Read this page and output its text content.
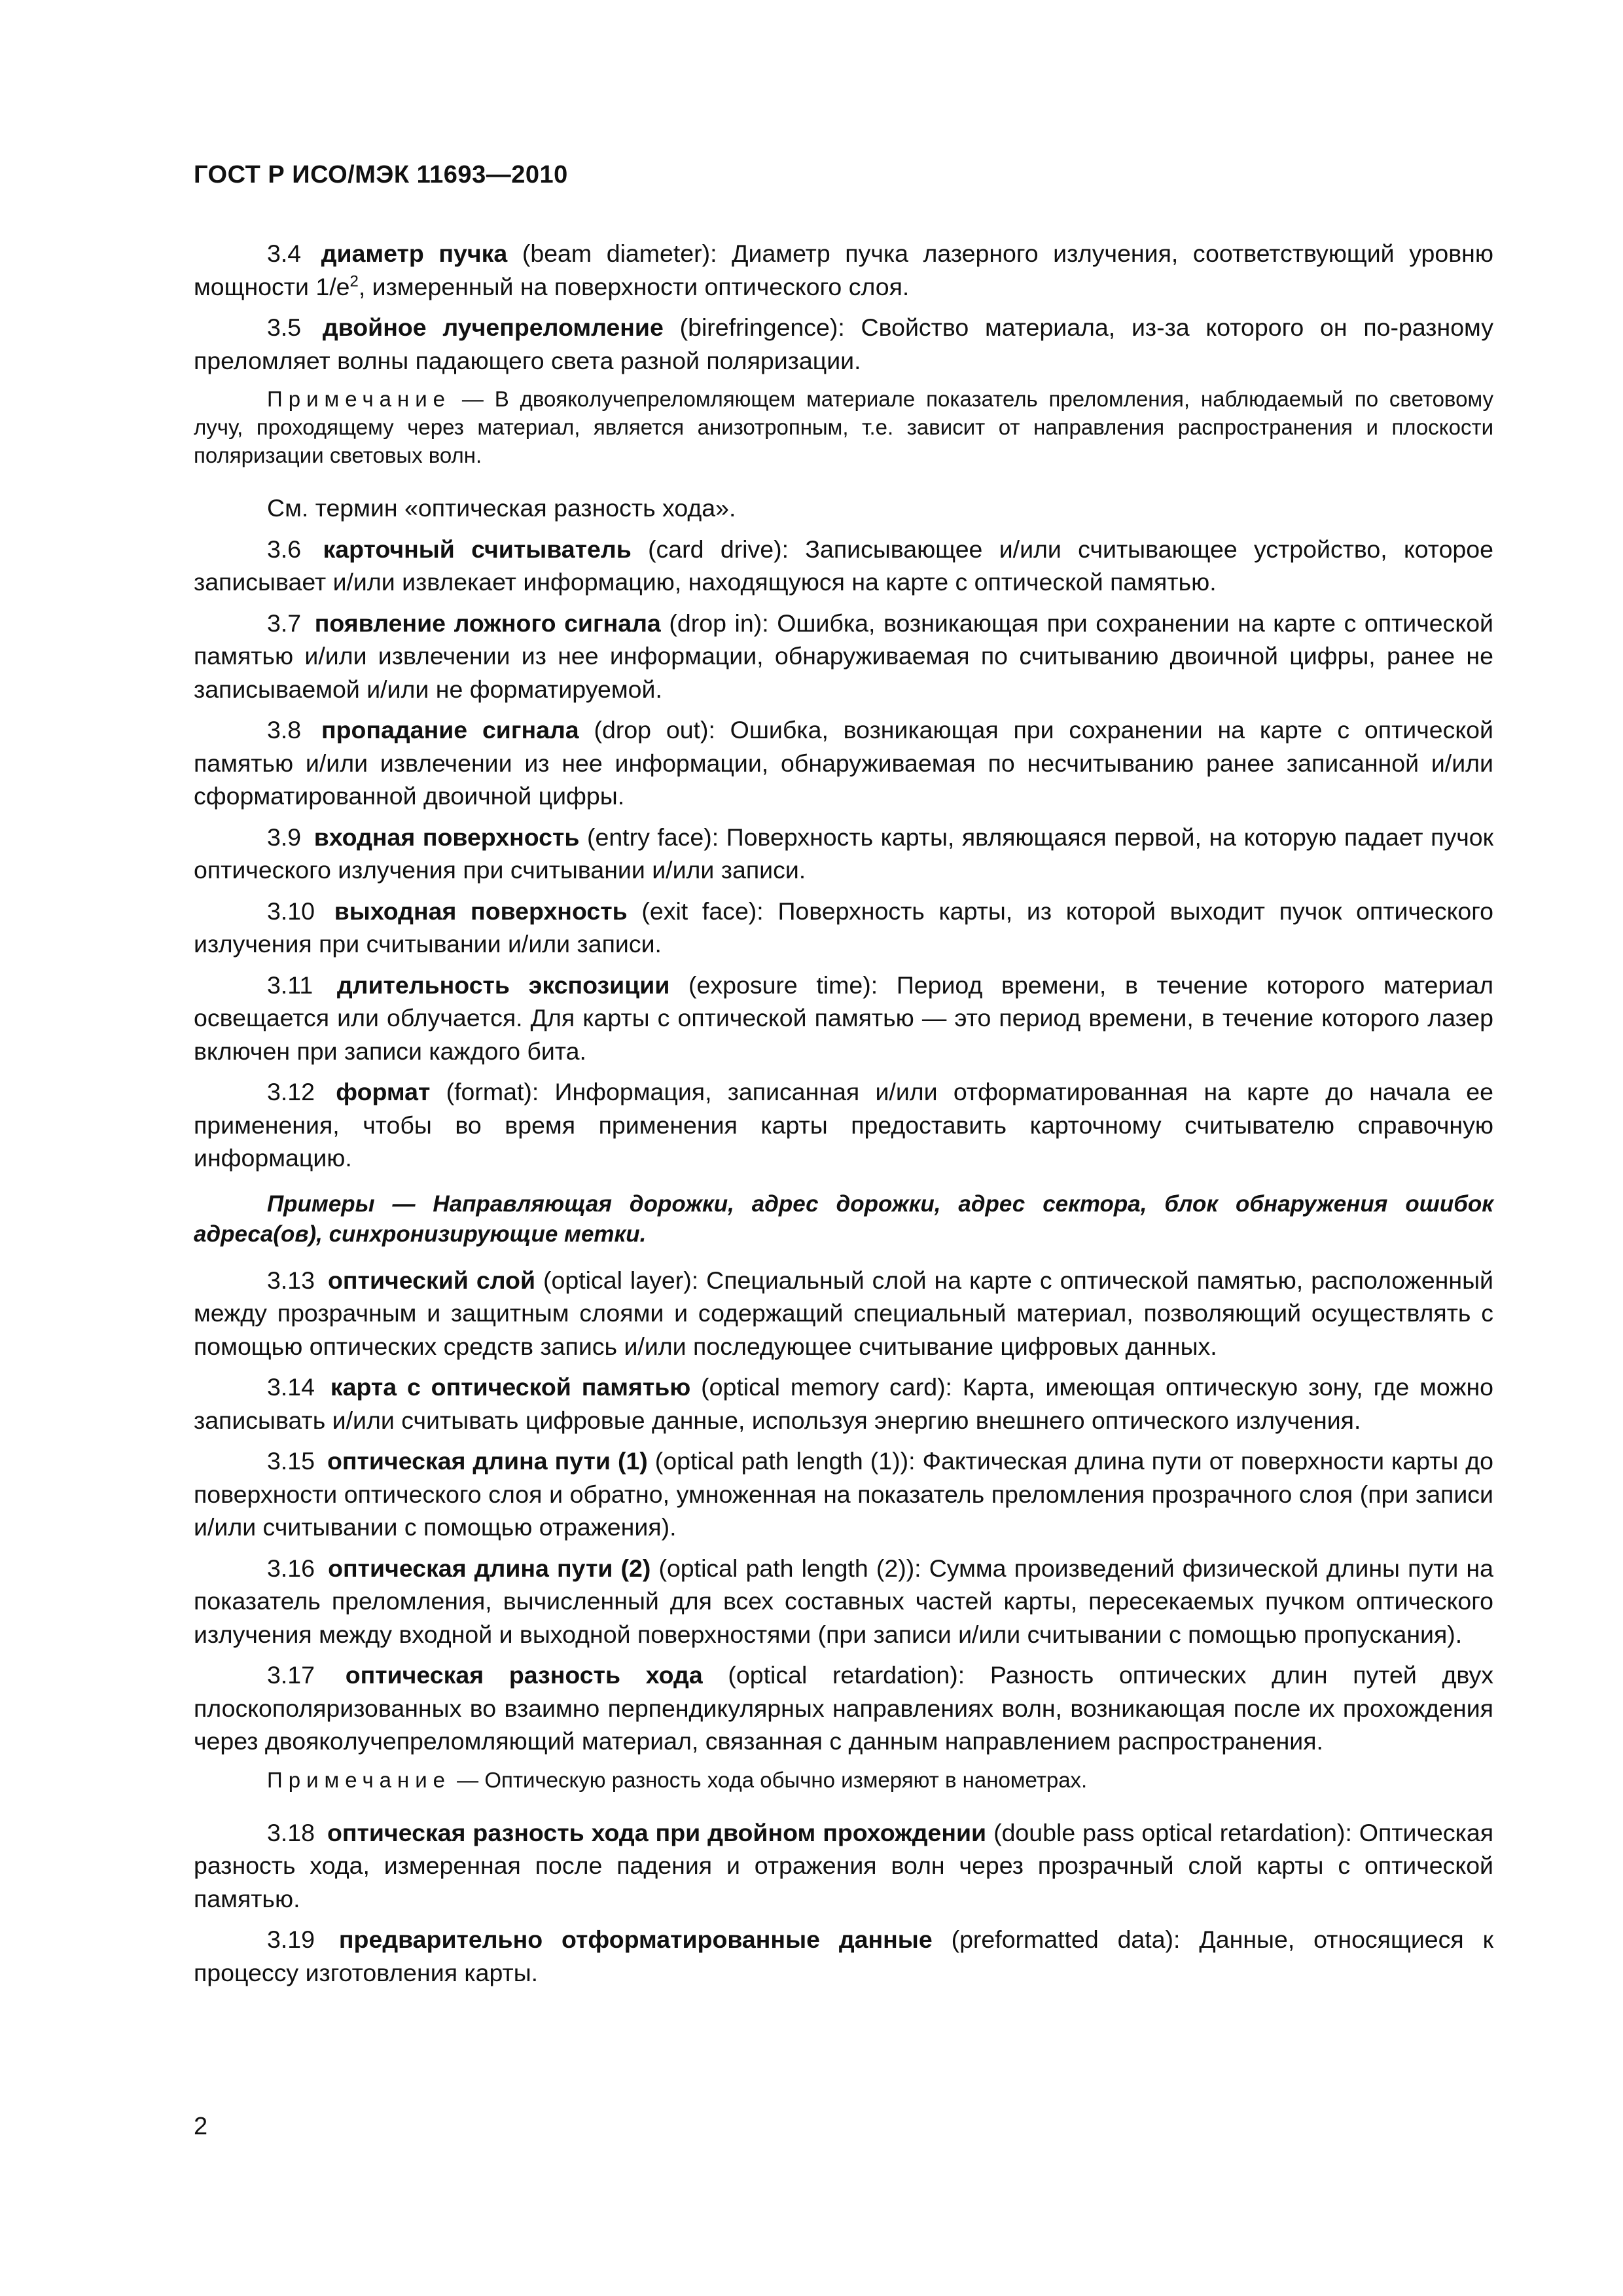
ГОСТ Р ИСО/МЭК 11693—2010

3.4 диаметр пучка (beam diameter): Диаметр пучка лазерного излучения, соответствующий уровню мощности $1/e^2$, измеренный на поверхности оптического слоя.

3.5 двойное лучепреломление (birefringence): Свойство материала, из-за которого он по-разному преломляет волны падающего света разной поляризации.

Примечание — В двоякoлучепреломляющем материале показатель преломления, наблюдаемый по световому лучу, проходящему через материал, является анизотропным, т.е. зависит от направления распространения и плоскости поляризации световых волн.

См. термин «оптическая разность хода».

3.6 карточный считыватель (card drive): Записывающее и/или считывающее устройство, которое записывает и/или извлекает информацию, находящуюся на карте с оптической памятью.

3.7 появление ложного сигнала (drop in): Ошибка, возникающая при сохранении на карте с оптической памятью и/или извлечении из нее информации, обнаруживаемая по считыванию двоичной цифры, ранее не записываемой и/или не форматируемой.

3.8 пропадание сигнала (drop out): Ошибка, возникающая при сохранении на карте с оптической памятью и/или извлечении из нее информации, обнаруживаемая по несчитыванию ранее записанной и/или сформатированной двоичной цифры.

3.9 входная поверхность (entry face): Поверхность карты, являющаяся первой, на которую падает пучок оптического излучения при считывании и/или записи.

3.10 выходная поверхность (exit face): Поверхность карты, из которой выходит пучок оптического излучения при считывании и/или записи.

3.11 длительность экспозиции (exposure time): Период времени, в течение которого материал освещается или облучается. Для карты с оптической памятью — это период времени, в течение которого лазер включен при записи каждого бита.

3.12 формат (format): Информация, записанная и/или отформатированная на карте до начала ее применения, чтобы во время применения карты предоставить карточному считывателю справочную информацию.

Примеры — Направляющая дорожки, адрес дорожки, адрес сектора, блок обнаружения ошибок адреса(ов), синхронизирующие метки.

3.13 оптический слой (optical layer): Специальный слой на карте с оптической памятью, расположенный между прозрачным и защитным слоями и содержащий специальный материал, позволяющий осуществлять с помощью оптических средств запись и/или последующее считывание цифровых данных.

3.14 карта с оптической памятью (optical memory card): Карта, имеющая оптическую зону, где можно записывать и/или считывать цифровые данные, используя энергию внешнего оптического излучения.

3.15 оптическая длина пути (1) (optical path length (1)): Фактическая длина пути от поверхности карты до поверхности оптического слоя и обратно, умноженная на показатель преломления прозрачного слоя (при записи и/или считывании с помощью отражения).

3.16 оптическая длина пути (2) (optical path length (2)): Сумма произведений физической длины пути на показатель преломления, вычисленный для всех составных частей карты, пересекаемых пучком оптического излучения между входной и выходной поверхностями (при записи и/или считывании с помощью пропускания).

3.17 оптическая разность хода (optical retardation): Разность оптических длин путей двух плоскополяризованных во взаимно перпендикулярных направлениях волн, возникающая после их прохождения через двоякoлучепреломляющий материал, связанная с данным направлением распространения.

Примечание — Оптическую разность хода обычно измеряют в нанометрах.

3.18 оптическая разность хода при двойном прохождении (double pass optical retardation): Оптическая разность хода, измеренная после падения и отражения волн через прозрачный слой карты с оптической памятью.

3.19 предварительно отформатированные данные (preformatted data): Данные, относящиеся к процессу изготовления карты.

2
